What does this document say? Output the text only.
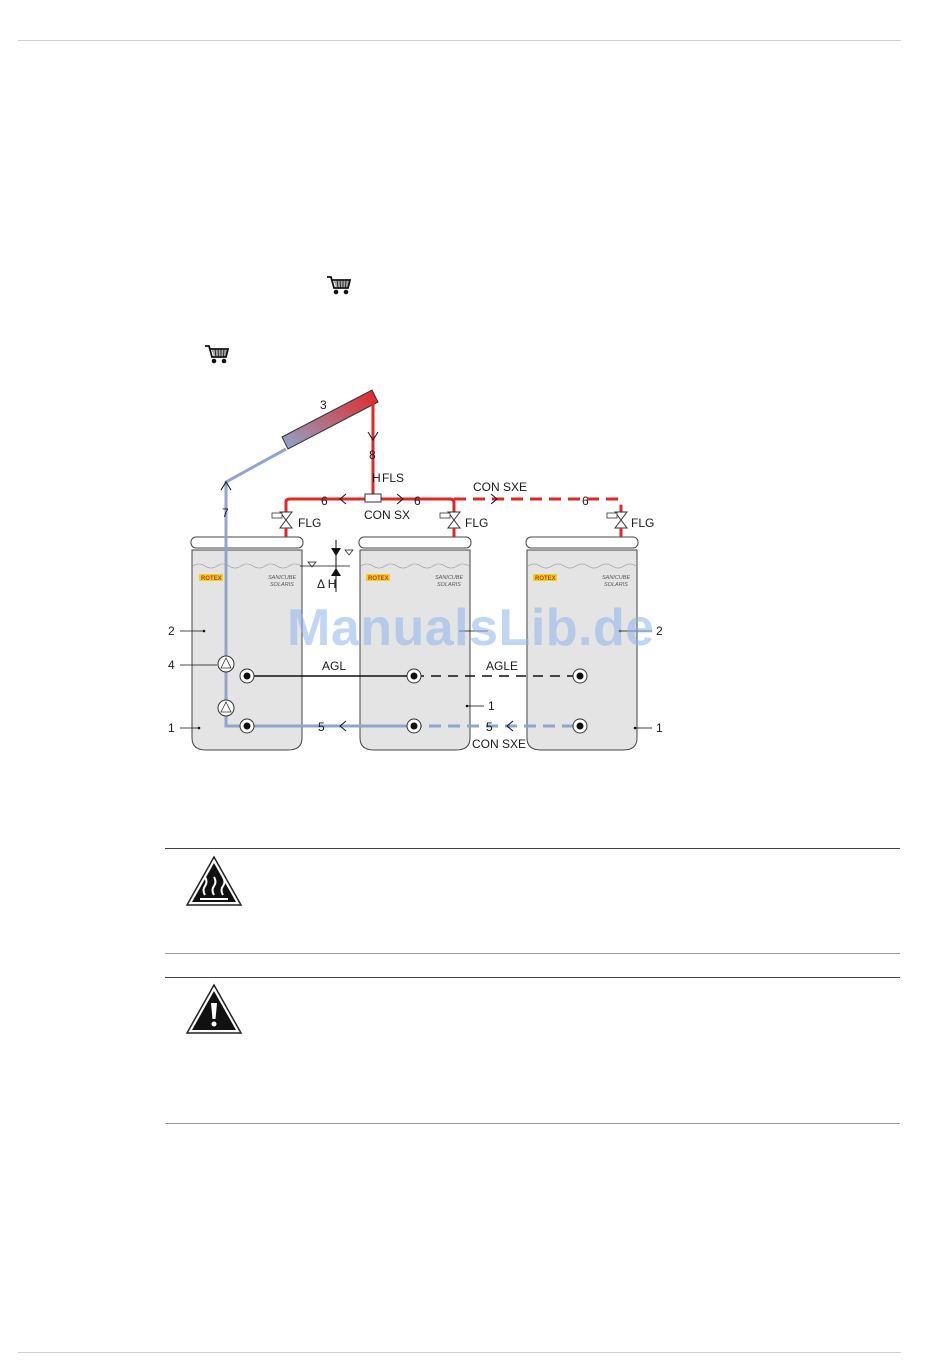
ROTEX	ROTEX	ROTEX
SANICUBE
SOLARIS
SANICUBE
SOLARIS
SANICUBE
SOLARIS
3
8
H FLS
6	6	6
CON SX
CON SXE
FLG	FLG	FLG
Δ H
7
5	5
CON SXE
AGL	AGLE
2
4
1
1
1
2
ManualsLib.de
